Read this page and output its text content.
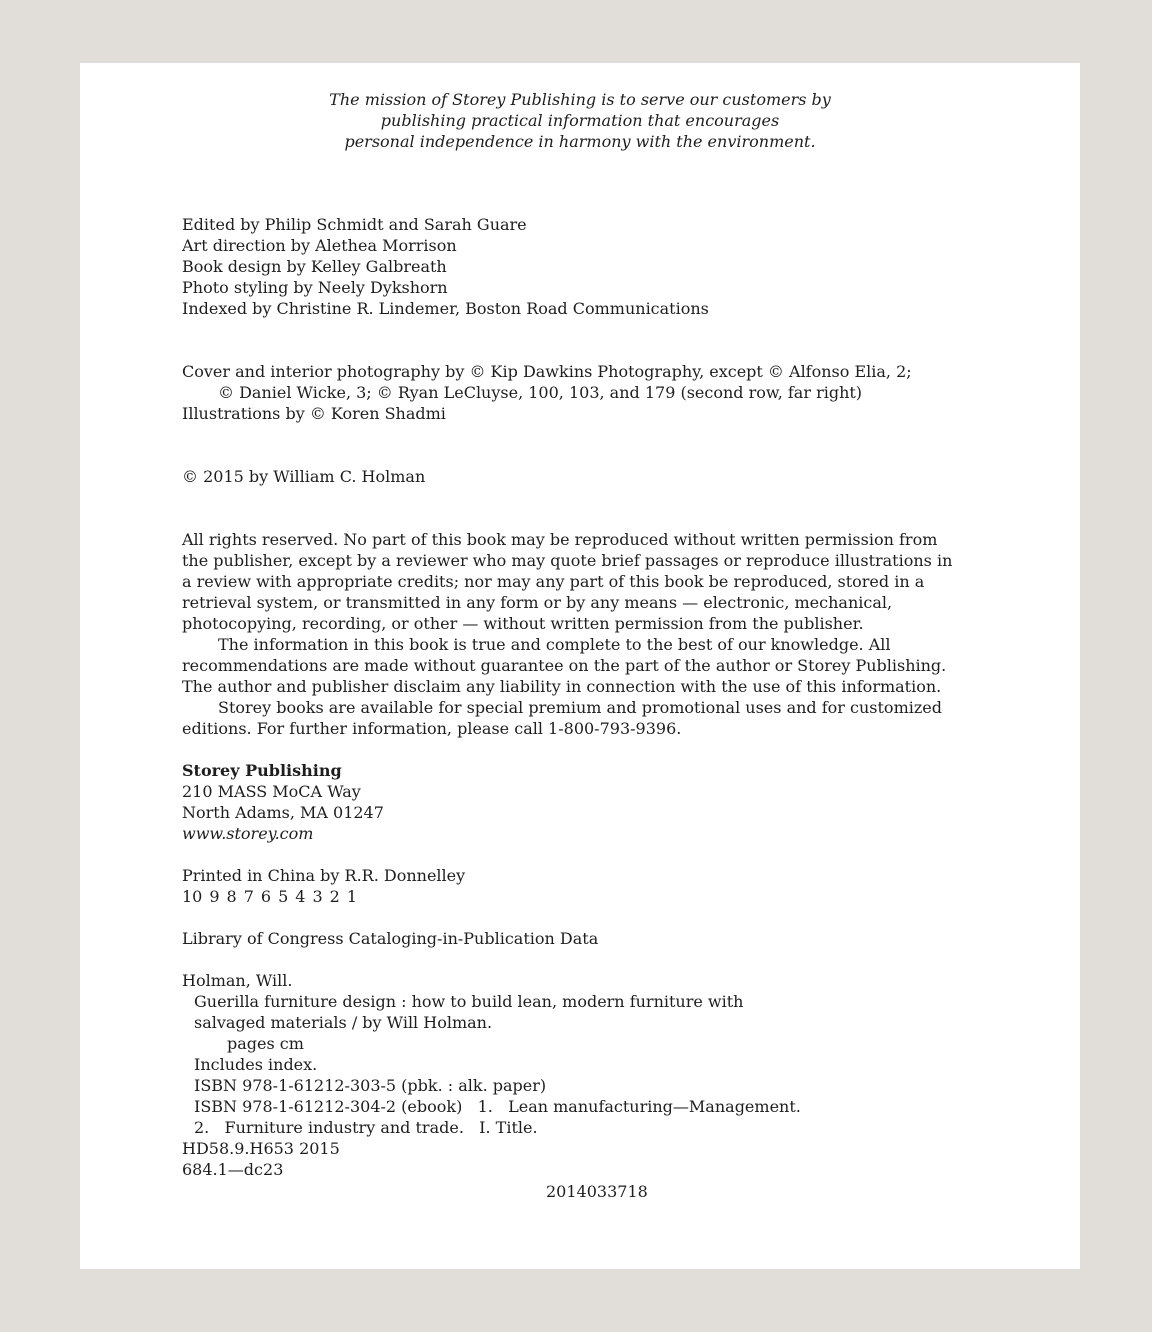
The mission of Storey Publishing is to serve our customers by
publishing practical information that encourages
personal independence in harmony with the environment.
Edited by Philip Schmidt and Sarah Guare
Art direction by Alethea Morrison
Book design by Kelley Galbreath
Photo styling by Neely Dykshorn
Indexed by Christine R. Lindemer, Boston Road Communications
Cover and interior photography by © Kip Dawkins Photography, except © Alfonso Elia, 2;
© Daniel Wicke, 3; © Ryan LeCluyse, 100, 103, and 179 (second row, far right)
Illustrations by © Koren Shadmi
© 2015 by William C. Holman
All rights reserved. No part of this book may be reproduced without written permission from the publisher, except by a reviewer who may quote brief passages or reproduce illustrations in a review with appropriate credits; nor may any part of this book be reproduced, stored in a retrieval system, or transmitted in any form or by any means — electronic, mechanical, photocopying, recording, or other — without written permission from the publisher.
The information in this book is true and complete to the best of our knowledge. All recommendations are made without guarantee on the part of the author or Storey Publishing. The author and publisher disclaim any liability in connection with the use of this information.
Storey books are available for special premium and promotional uses and for customized editions. For further information, please call 1-800-793-9396.
Storey Publishing
210 MASS MoCA Way
North Adams, MA 01247
www.storey.com
Printed in China by R.R. Donnelley
10 9 8 7 6 5 4 3 2 1
Library of Congress Cataloging-in-Publication Data
Holman, Will.
Guerilla furniture design : how to build lean, modern furniture with
salvaged materials / by Will Holman.
pages cm
Includes index.
ISBN 978-1-61212-303-5 (pbk. : alk. paper)
ISBN 978-1-61212-304-2 (ebook)   1.   Lean manufacturing—Management.
2.   Furniture industry and trade.   I. Title.
HD58.9.H653 2015
684.1—dc23
2014033718
